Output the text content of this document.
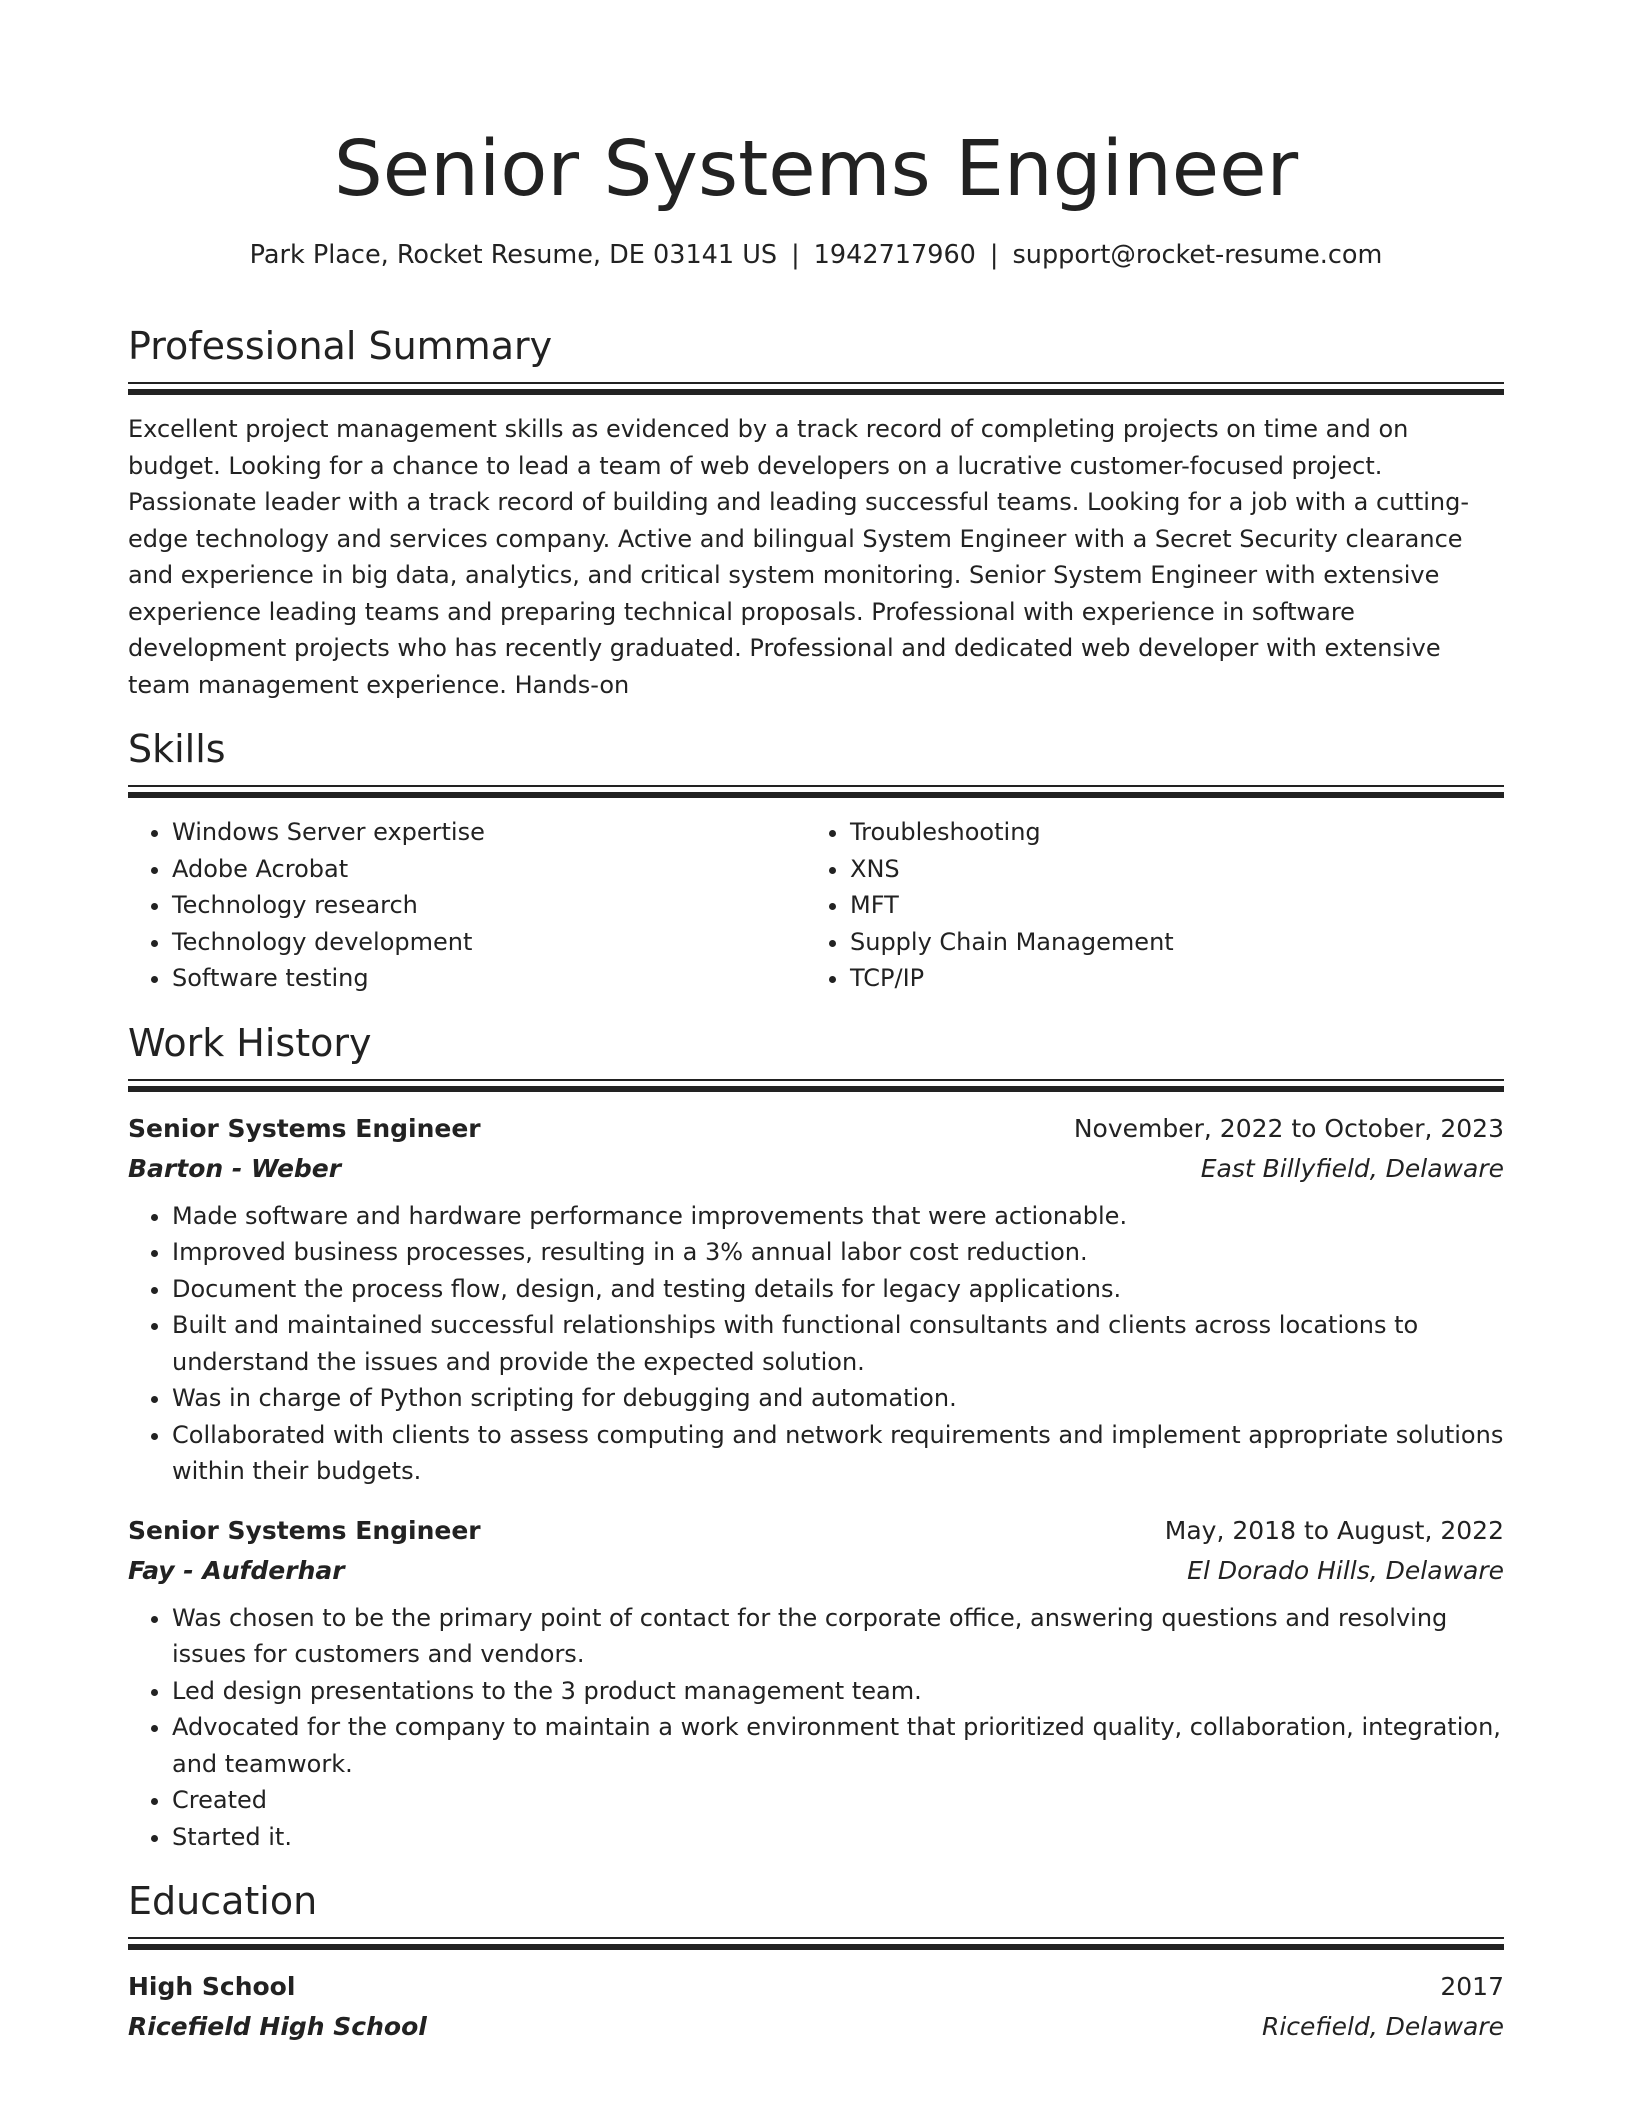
Senior Systems Engineer
Park Place, Rocket Resume, DE 03141 US | 1942717960 | support@rocket-resume.com
Professional Summary
Excellent project management skills as evidenced by a track record of completing projects on time and on budget. Looking for a chance to lead a team of web developers on a lucrative customer-focused project. Passionate leader with a track record of building and leading successful teams. Looking for a job with a cutting-edge technology and services company. Active and bilingual System Engineer with a Secret Security clearance and experience in big data, analytics, and critical system monitoring. Senior System Engineer with extensive experience leading teams and preparing technical proposals. Professional with experience in software development projects who has recently graduated. Professional and dedicated web developer with extensive team management experience. Hands-on
Skills
• Windows Server expertise
• Adobe Acrobat
• Technology research
• Technology development
• Software testing
• Troubleshooting
• XNS
• MFT
• Supply Chain Management
• TCP/IP
Work History
Senior Systems Engineer	November, 2022 to October, 2023
Barton - Weber	East Billyfield, Delaware
• Made software and hardware performance improvements that were actionable.
• Improved business processes, resulting in a 3% annual labor cost reduction.
• Document the process flow, design, and testing details for legacy applications.
• Built and maintained successful relationships with functional consultants and clients across locations to understand the issues and provide the expected solution.
• Was in charge of Python scripting for debugging and automation.
• Collaborated with clients to assess computing and network requirements and implement appropriate solutions within their budgets.
Senior Systems Engineer	May, 2018 to August, 2022
Fay - Aufderhar	El Dorado Hills, Delaware
• Was chosen to be the primary point of contact for the corporate office, answering questions and resolving issues for customers and vendors.
• Led design presentations to the 3 product management team.
• Advocated for the company to maintain a work environment that prioritized quality, collaboration, integration, and teamwork.
• Created
• Started it.
Education
High School	2017
Ricefield High School	Ricefield, Delaware
